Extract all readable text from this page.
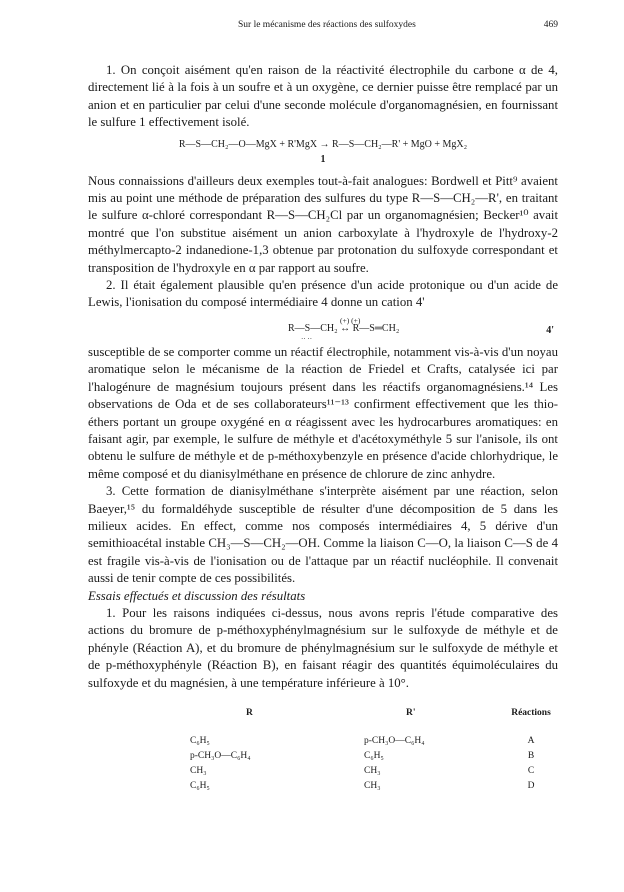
Sur le mécanisme des réactions des sulfoxydes	469

1. On conçoit aisément qu'en raison de la réactivité électrophile du carbone α de 4, directement lié à la fois à un soufre et à un oxygène, ce dernier puisse être remplacé par un anion et en particulier par celui d'une seconde molécule d'organomagnésien, en fournissant le sulfure 1 effectivement isolé.

R—S—CH₂—O—MgX + R'MgX → R—S—CH₂—R' + MgO + MgX₂
1

Nous connaissions d'ailleurs deux exemples tout-à-fait analogues: Bordwell et Pitt⁹ avaient mis au point une méthode de préparation des sulfures du type R—S—CH₂—R', en traitant le sulfure α-chloré correspondant R—S—CH₂Cl par un organomagnésien; Becker¹⁰ avait montré que l'on substitue aisément un anion carboxylate à l'hydroxyle de l'hydroxy-2 méthylmercapto-2 indanedione-1,3 obtenue par protonation du sulfoxyde correspondant et transposition de l'hydroxyle en α par rapport au soufre.

2. Il était également plausible qu'en présence d'un acide protonique ou d'un acide de Lewis, l'ionisation du composé intermédiaire 4 donne un cation 4'

(+) (+)
R—S—CH₂ ↔ R—S═CH₂
·· ··
4'

susceptible de se comporter comme un réactif électrophile, notamment vis-à-vis d'un noyau aromatique selon le mécanisme de la réaction de Friedel et Crafts, catalysée ici par l'halogénure de magnésium toujours présent dans les réactifs organomagnésiens.¹⁴ Les observations de Oda et de ses collaborateurs¹¹⁻¹³ confirment effectivement que les thio-éthers portant un groupe oxygéné en α réagissent avec les hydrocarbures aromatiques: en faisant agir, par exemple, le sulfure de méthyle et d'acétoxyméthyle 5 sur l'anisole, ils ont obtenu le sulfure de méthyle et de p-méthoxybenzyle en présence d'acide chlorhydrique, le même composé et du dianisylméthane en présence de chlorure de zinc anhydre.

3. Cette formation de dianisylméthane s'interprète aisément par une réaction, selon Baeyer,¹⁵ du formaldéhyde susceptible de résulter d'une décomposition de 5 dans les milieux acides. En effect, comme nos composés intermédiaires 4, 5 dérive d'un semithioacétal instable CH₃—S—CH₂—OH. Comme la liaison C—O, la liaison C—S de 4 est fragile vis-à-vis de l'ionisation ou de l'attaque par un réactif nucléophile. Il convenait aussi de tenir compte de ces possibilités.

Essais effectués et discussion des résultats

1. Pour les raisons indiquées ci-dessus, nous avons repris l'étude comparative des actions du bromure de p-méthoxyphénylmagnésium sur le sulfoxyde de méthyle et de phényle (Réaction A), et du bromure de phénylmagnésium sur le sulfoxyde de méthyle et de p-méthoxyphényle (Réaction B), en faisant réagir des quantités équimoléculaires du sulfoxyde et du magnésien, à une température inférieure à 10°.

R	R'	Réactions
C₆H₅	p-CH₃O—C₆H₄	A
p-CH₃O—C₆H₄	C₆H₅	B
CH₃	CH₃	C
C₆H₅	CH₃	D
